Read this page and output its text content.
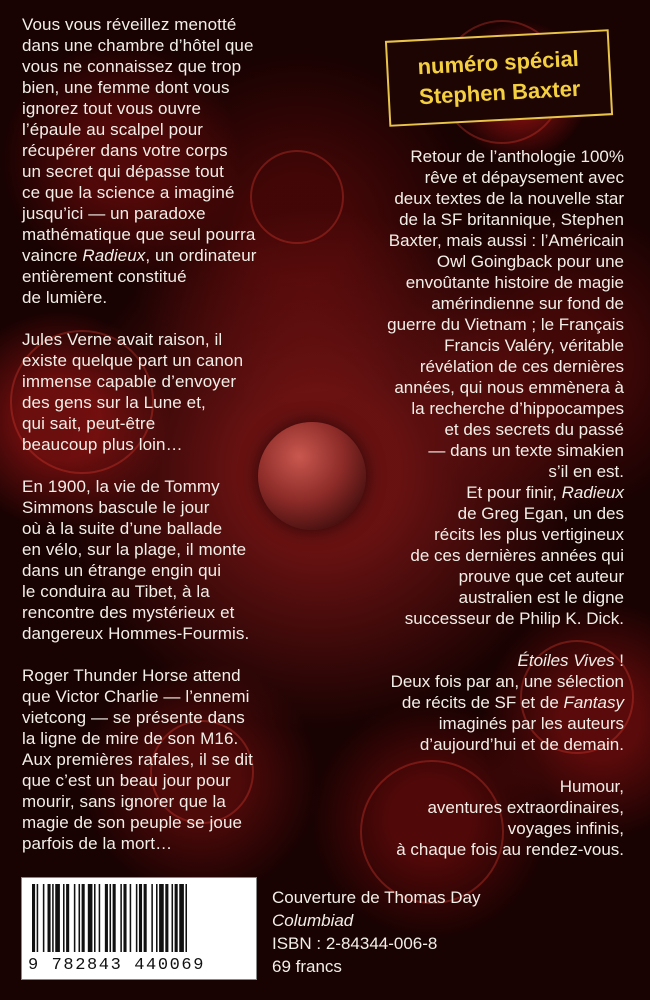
numéro spécial
Stephen Baxter

Vous vous réveillez menotté
dans une chambre d’hôtel que
vous ne connaissez que trop
bien, une femme dont vous
ignorez tout vous ouvre
l’épaule au scalpel pour
récupérer dans votre corps
un secret qui dépasse tout
ce que la science a imaginé
jusqu’ici — un paradoxe
mathématique que seul pourra
vaincre Radieux, un ordinateur
entièrement constitué
de lumière.

Jules Verne avait raison, il
existe quelque part un canon
immense capable d’envoyer
des gens sur la Lune et,
qui sait, peut-être
beaucoup plus loin…

En 1900, la vie de Tommy
Simmons bascule le jour
où à la suite d’une ballade
en vélo, sur la plage, il monte
dans un étrange engin qui
le conduira au Tibet, à la
rencontre des mystérieux et
dangereux Hommes-Fourmis.

Roger Thunder Horse attend
que Victor Charlie — l’ennemi
vietcong — se présente dans
la ligne de mire de son M16.
Aux premières rafales, il se dit
que c’est un beau jour pour
mourir, sans ignorer que la
magie de son peuple se joue
parfois de la mort…

Retour de l’anthologie 100%
rêve et dépaysement avec
deux textes de la nouvelle star
de la SF britannique, Stephen
Baxter, mais aussi : l’Américain
Owl Goingback pour une
envoûtante histoire de magie
amérindienne sur fond de
guerre du Vietnam ; le Français
Francis Valéry, véritable
révélation de ces dernières
années, qui nous emmènera à
la recherche d’hippocampes
et des secrets du passé
— dans un texte simakien
s’il en est.
Et pour finir, Radieux
de Greg Egan, un des
récits les plus vertigineux
de ces dernières années qui
prouve que cet auteur
australien est le digne
successeur de Philip K. Dick.

Étoiles Vives !
Deux fois par an, une sélection
de récits de SF et de Fantasy
imaginés par les auteurs
d’aujourd’hui et de demain.

Humour,
aventures extraordinaires,
voyages infinis,
à chaque fois au rendez-vous.

9 782843 440069
Couverture de Thomas Day
Columbiad
ISBN : 2-84344-006-8
69 francs
